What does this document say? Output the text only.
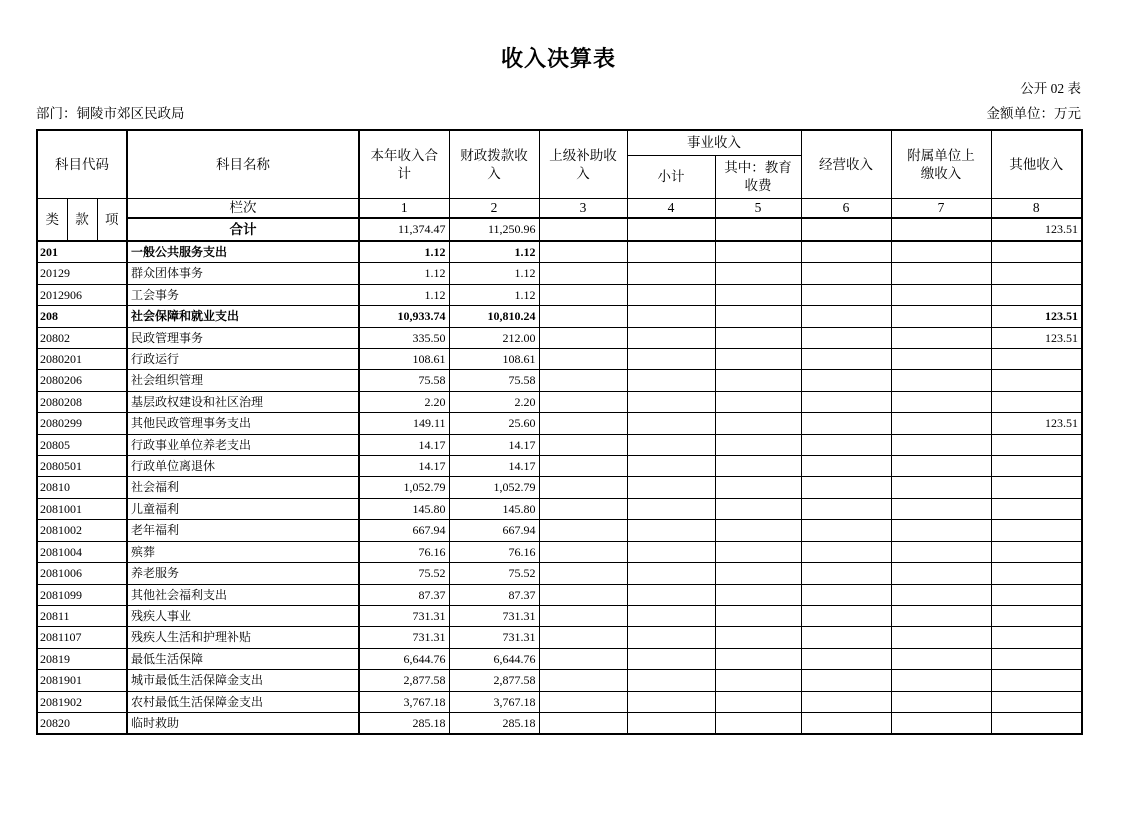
收入决算表
公开 02 表
部门：铜陵市郊区民政局	金额单位：万元
科目代码			科目名称	本年收入合计	财政拨款收入	上级补助收入	事业收入		经营收入	附属单位上缴收入	其他收入
							小计	其中：教育收费			
类	款	项	栏次	1	2	3	4	5	6	7	8
			合计	11,374.47	11,250.96						123.51
201			一般公共服务支出	1.12	1.12						
20129			群众团体事务	1.12	1.12						
2012906			工会事务	1.12	1.12						
208			社会保障和就业支出	10,933.74	10,810.24						123.51
20802			民政管理事务	335.50	212.00						123.51
2080201			行政运行	108.61	108.61						
2080206			社会组织管理	75.58	75.58						
2080208			基层政权建设和社区治理	2.20	2.20						
2080299			其他民政管理事务支出	149.11	25.60						123.51
20805			行政事业单位养老支出	14.17	14.17						
2080501			行政单位离退休	14.17	14.17						
20810			社会福利	1,052.79	1,052.79						
2081001			儿童福利	145.80	145.80						
2081002			老年福利	667.94	667.94						
2081004			殡葬	76.16	76.16						
2081006			养老服务	75.52	75.52						
2081099			其他社会福利支出	87.37	87.37						
20811			残疾人事业	731.31	731.31						
2081107			残疾人生活和护理补贴	731.31	731.31						
20819			最低生活保障	6,644.76	6,644.76						
2081901			城市最低生活保障金支出	2,877.58	2,877.58						
2081902			农村最低生活保障金支出	3,767.18	3,767.18						
20820			临时救助	285.18	285.18						
